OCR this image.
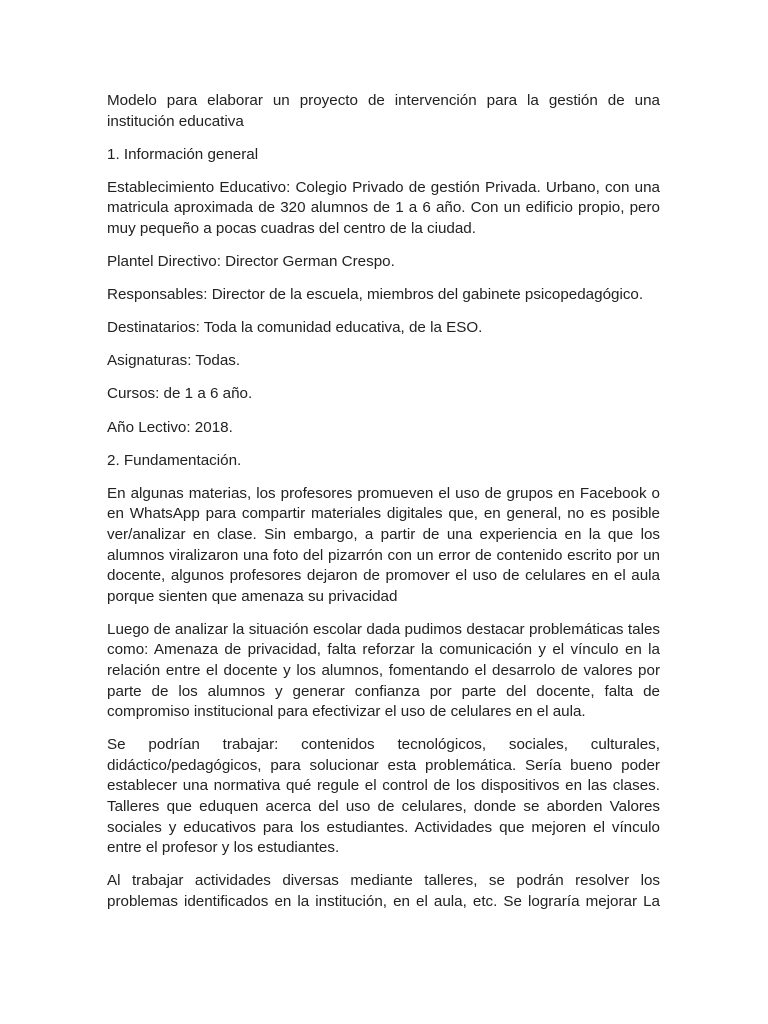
Modelo para elaborar un proyecto de intervención para la gestión de una institución educativa

1. Información general

Establecimiento Educativo: Colegio Privado de gestión Privada. Urbano, con una matricula aproximada de 320 alumnos de 1 a 6 año. Con un edificio propio, pero muy pequeño a pocas cuadras del centro de la ciudad.

Plantel Directivo: Director German Crespo.

Responsables: Director de la escuela, miembros del gabinete psicopedagógico.

Destinatarios: Toda la comunidad educativa, de la ESO.

Asignaturas: Todas.

Cursos: de 1 a 6 año.

Año Lectivo: 2018.

2. Fundamentación.

En algunas materias, los profesores promueven el uso de grupos en Facebook o en WhatsApp para compartir materiales digitales que, en general, no es posible ver/analizar en clase. Sin embargo, a partir de una experiencia en la que los alumnos viralizaron una foto del pizarrón con un error de contenido escrito por un docente, algunos profesores dejaron de promover el uso de celulares en el aula porque sienten que amenaza su privacidad

Luego de analizar la situación escolar dada pudimos destacar problemáticas tales como: Amenaza de privacidad, falta reforzar la comunicación y el vínculo en la relación entre el docente y los alumnos, fomentando el desarrolo de valores por parte de los alumnos y generar confianza por parte del docente, falta de compromiso institucional para efectivizar el uso de celulares en el aula.

Se podrían trabajar: contenidos tecnológicos, sociales, culturales, didáctico/pedagógicos, para solucionar esta problemática. Sería bueno poder establecer una normativa qué regule el control de los dispositivos en las clases. Talleres que eduquen acerca del uso de celulares, donde se aborden Valores sociales y educativos para los estudiantes. Actividades que mejoren el vínculo entre el profesor y los estudiantes.

Al trabajar actividades diversas mediante talleres, se podrán resolver los problemas identificados en la institución, en el aula, etc. Se lograría mejorar La
